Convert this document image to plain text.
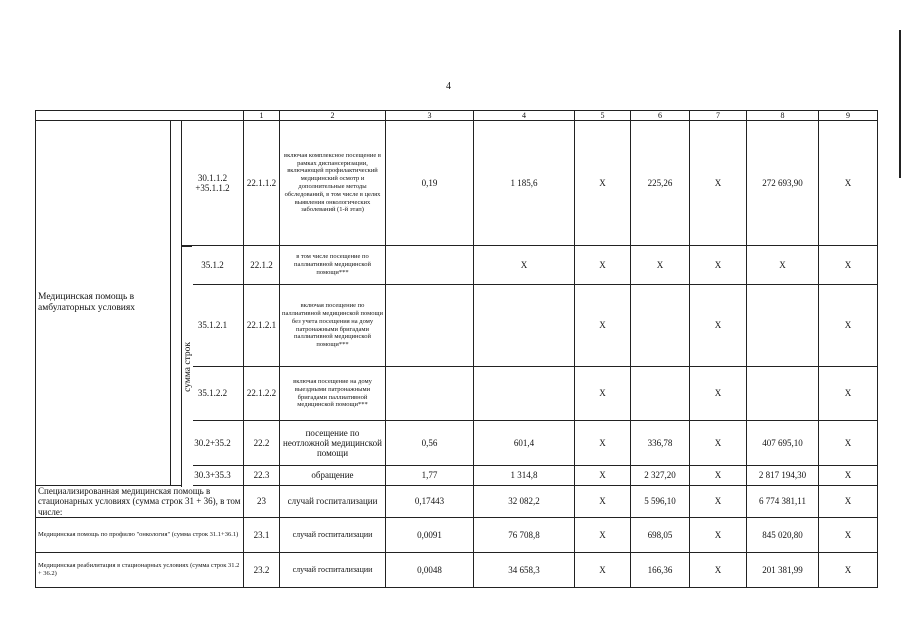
4
			1	2	3	4	5	6	7	8	9
Медицинская помощь в амбулаторных условиях		30.1.1.2 +35.1.1.2	22.1.1.2	включая комплексное посещение в рамках диспансеризации, включающей профилактический медицинский осмотр и дополнительные методы обследований, в том числе в целях выявления онкологических заболеваний (1-й этап)	0,19	1 185,6	Х	225,26	Х	272 693,90	Х
		35.1.2	22.1.2	в том числе посещение по паллиативной медицинской помощи***		Х	Х	Х	Х	Х	Х
		35.1.2.1	22.1.2.1	включая посещение по паллиативной медицинской помощи без учета посещения на дому патронажными бригадами паллиативной медицинской помощи***			Х		Х		Х
		35.1.2.2	22.1.2.2	включая посещение на дому выездными патронажными бригадами паллиативной медицинской помощи***			Х		Х		Х
		30.2+35.2	22.2	посещение по неотложной медицинской помощи	0,56	601,4	Х	336,78	Х	407 695,10	Х
		30.3+35.3	22.3	обращение	1,77	1 314,8	Х	2 327,20	Х	2 817 194,30	Х
Специализированная медицинская помощь в стационарных условиях (сумма строк 31 + 36), в том числе:			23	случай госпитализации	0,17443	32 082,2	Х	5 596,10	Х	6 774 381,11	Х
Медицинская помощь по профилю "онкология" (сумма строк 31.1+36.1)			23.1	случай госпитализации	0,0091	76 708,8	Х	698,05	Х	845 020,80	Х
Медицинская реабилитация в стационарных условиях (сумма строк 31.2 + 36.2)			23.2	случай госпитализации	0,0048	34 658,3	Х	166,36	Х	201 381,99	Х
сумма строк
